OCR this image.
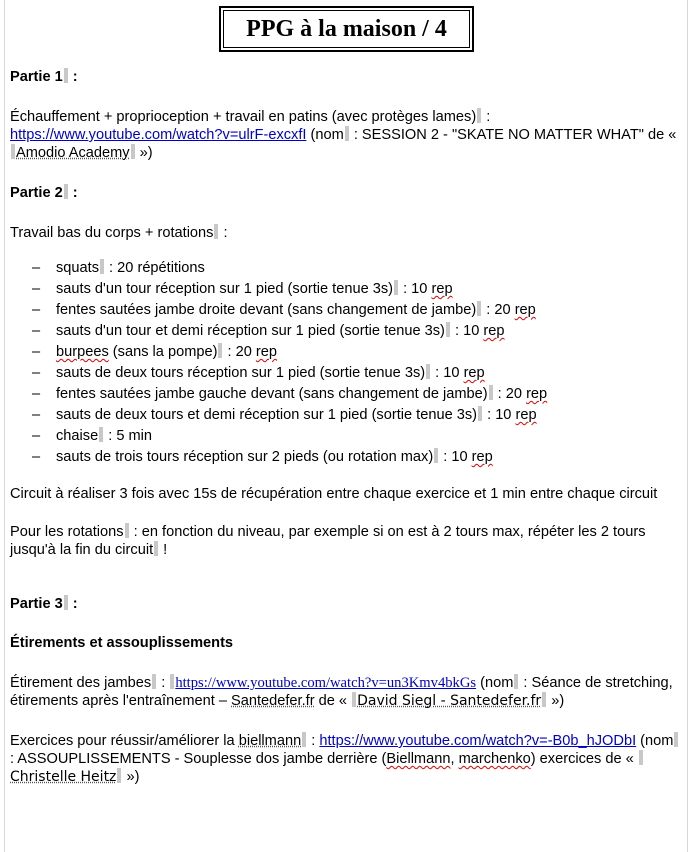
PPG à la maison / 4

Partie 1 :

Échauffement + proprioception + travail en patins (avec protèges lames) :
https://www.youtube.com/watch?v=ulrF-excxfI (nom : SESSION 2 - "SKATE NO MATTER WHAT" de « Amodio Academy »)

Partie 2 :

Travail bas du corps + rotations :

– squats : 20 répétitions
– sauts d'un tour réception sur 1 pied (sortie tenue 3s) : 10 rep
– fentes sautées jambe droite devant (sans changement de jambe) : 20 rep
– sauts d'un tour et demi réception sur 1 pied (sortie tenue 3s) : 10 rep
– burpees (sans la pompe) : 20 rep
– sauts de deux tours réception sur 1 pied (sortie tenue 3s) : 10 rep
– fentes sautées jambe gauche devant (sans changement de jambe) : 20 rep
– sauts de deux tours et demi réception sur 1 pied (sortie tenue 3s) : 10 rep
– chaise : 5 min
– sauts de trois tours réception sur 2 pieds (ou rotation max) : 10 rep

Circuit à réaliser 3 fois avec 15s de récupération entre chaque exercice et 1 min entre chaque circuit

Pour les rotations : en fonction du niveau, par exemple si on est à 2 tours max, répéter les 2 tours jusqu'à la fin du circuit !

Partie 3 :

Étirements et assouplissements

Étirement des jambes : https://www.youtube.com/watch?v=un3Kmv4bkGs (nom : Séance de stretching, étirements après l'entraînement – Santedefer.fr de « David Siegl - Santedefer.fr »)

Exercices pour réussir/améliorer la biellmann : https://www.youtube.com/watch?v=-B0b_hJODbI (nom : ASSOUPLISSEMENTS - Souplesse dos jambe derrière (Biellmann, marchenko) exercices de « Christelle Heitz »)
